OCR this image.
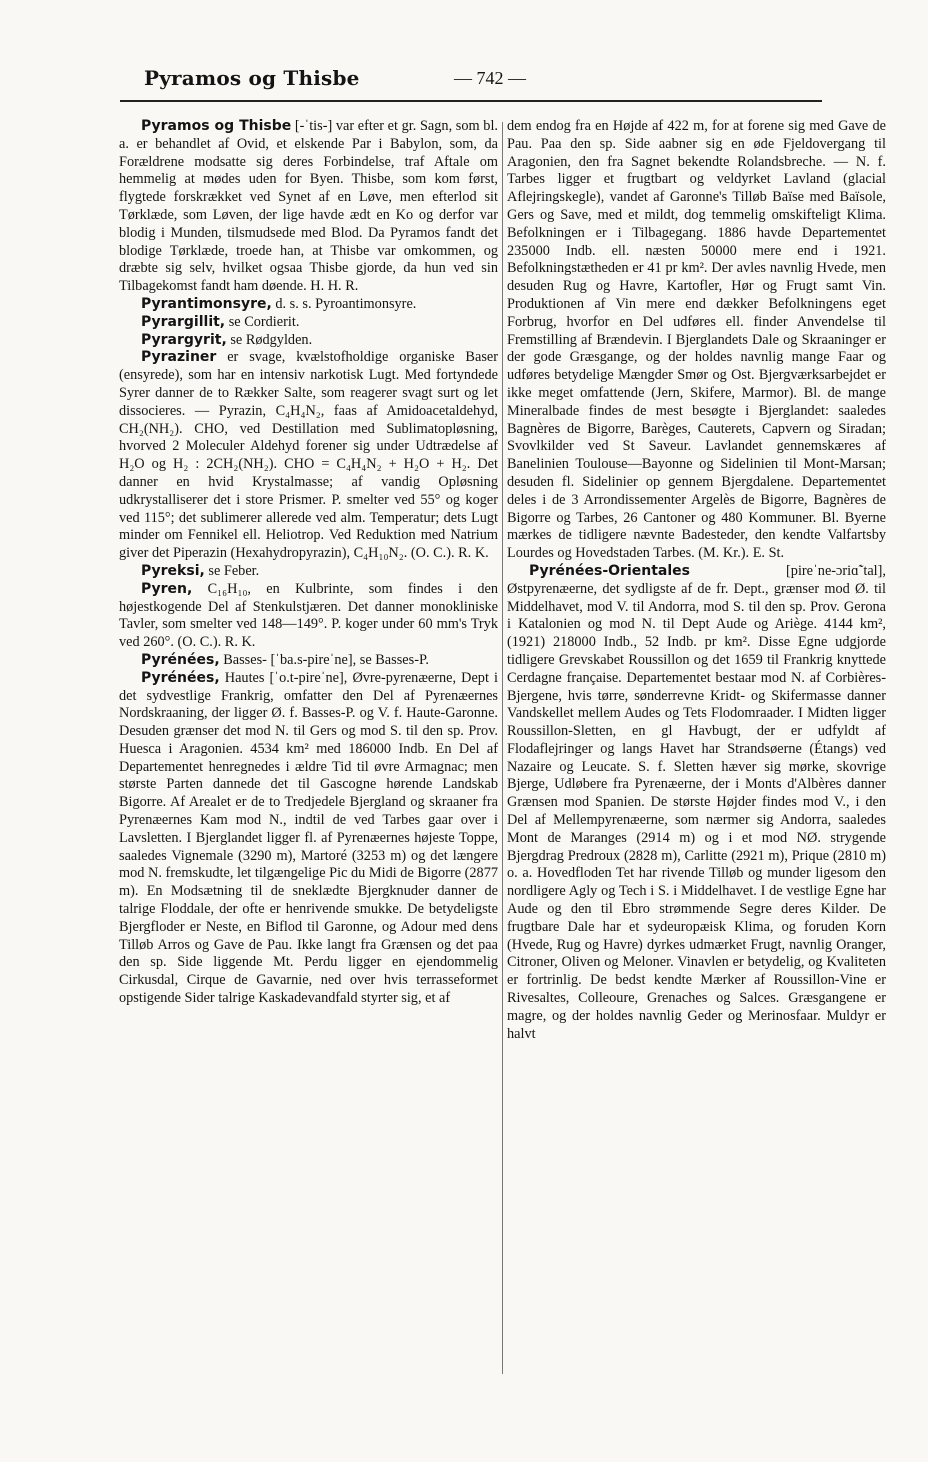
Pyramos og Thisbe	— 742 —

Pyramos og Thisbe [-ˈtis-] var efter et gr. Sagn, som bl. a. er behandlet af Ovid, et elskende Par i Babylon, som, da Forældrene modsatte sig deres Forbindelse, traf Aftale om hemmelig at mødes uden for Byen. Thisbe, som kom først, flygtede forskrækket ved Synet af en Løve, men efterlod sit Tørklæde, som Løven, der lige havde ædt en Ko og derfor var blodig i Munden, tilsmudsede med Blod. Da Pyramos fandt det blodige Tørklæde, troede han, at Thisbe var omkommen, og dræbte sig selv, hvilket ogsaa Thisbe gjorde, da hun ved sin Tilbagekomst fandt ham døende. H. H. R.

Pyrantimonsyre, d. s. s. Pyroantimonsyre.

Pyrargillit, se Cordierit.

Pyrargyrit, se Rødgylden.

Pyraziner er svage, kvælstofholdige organiske Baser (ensyrede), som har en intensiv narkotisk Lugt. Med fortyndede Syrer danner de to Rækker Salte, som reagerer svagt surt og let dissocieres. — Pyrazin, C₄H₄N₂, faas af Amidoacetaldehyd, CH₂(NH₂). CHO, ved Destillation med Sublimatopløsning, hvorved 2 Moleculer Aldehyd forener sig under Udtrædelse af H₂O og H₂ : 2CH₂(NH₂). CHO = C₄H₄N₂ + H₂O + H₂. Det danner en hvid Krystalmasse; af vandig Opløsning udkrystalliserer det i store Prismer. P. smelter ved 55° og koger ved 115°; det sublimerer allerede ved alm. Temperatur; dets Lugt minder om Fennikel ell. Heliotrop. Ved Reduktion med Natrium giver det Piperazin (Hexahydropyrazin), C₄H₁₀N₂. (O. C.). R. K.

Pyreksi, se Feber.

Pyren, C₁₆H₁₀, en Kulbrinte, som findes i den højestkogende Del af Stenkulstjæren. Det danner monokliniske Tavler, som smelter ved 148—149°. P. koger under 60 mm's Tryk ved 260°. (O. C.). R. K.

Pyrénées, Basses- [ˈba.s-pireˈne], se Basses-P.

Pyrénées, Hautes [ˈo.t-pireˈne], Øvre-pyrenæerne, Dept i det sydvestlige Frankrig, omfatter den Del af Pyrenæernes Nordskraaning, der ligger Ø. f. Basses-P. og V. f. Haute-Garonne. Desuden grænser det mod N. til Gers og mod S. til den sp. Prov. Huesca i Aragonien. 4534 km² med 186000 Indb. En Del af Departementet henregnedes i ældre Tid til øvre Armagnac; men største Parten dannede det til Gascogne hørende Landskab Bigorre. Af Arealet er de to Tredjedele Bjergland og skraaner fra Pyrenæernes Kam mod N., indtil de ved Tarbes gaar over i Lavsletten. I Bjerglandet ligger fl. af Pyrenæernes højeste Toppe, saaledes Vignemale (3290 m), Martoré (3253 m) og det længere mod N. fremskudte, let tilgængelige Pic du Midi de Bigorre (2877 m). En Modsætning til de sneklædte Bjergknuder danner de talrige Floddale, der ofte er henrivende smukke. De betydeligste Bjergfloder er Neste, en Biflod til Garonne, og Adour med dens Tilløb Arros og Gave de Pau. Ikke langt fra Grænsen og det paa den sp. Side liggende Mt. Perdu ligger en ejendommelig Cirkusdal, Cirque de Gavarnie, ned over hvis terrasseformet opstigende Sider talrige Kaskadevandfald styrter sig, et af

dem endog fra en Højde af 422 m, for at forene sig med Gave de Pau. Paa den sp. Side aabner sig en øde Fjeldovergang til Aragonien, den fra Sagnet bekendte Rolandsbreche. — N. f. Tarbes ligger et frugtbart og veldyrket Lavland (glacial Aflejringskegle), vandet af Garonne's Tilløb Baïse med Baïsole, Gers og Save, med et mildt, dog temmelig omskifteligt Klima. Befolkningen er i Tilbagegang. 1886 havde Departementet 235000 Indb. ell. næsten 50000 mere end i 1921. Befolkningstætheden er 41 pr km². Der avles navnlig Hvede, men desuden Rug og Havre, Kartofler, Hør og Frugt samt Vin. Produktionen af Vin mere end dækker Befolkningens eget Forbrug, hvorfor en Del udføres ell. finder Anvendelse til Fremstilling af Brændevin. I Bjerglandets Dale og Skraaninger er der gode Græsgange, og der holdes navnlig mange Faar og udføres betydelige Mængder Smør og Ost. Bjergværksarbejdet er ikke meget omfattende (Jern, Skifere, Marmor). Bl. de mange Mineralbade findes de mest besøgte i Bjerglandet: saaledes Bagnères de Bigorre, Barèges, Cauterets, Capvern og Siradan; Svovlkilder ved St Saveur. Lavlandet gennemskæres af Banelinien Toulouse—Bayonne og Sidelinien til Mont-Marsan; desuden fl. Sidelinier op gennem Bjergdalene. Departementet deles i de 3 Arrondissementer Argelès de Bigorre, Bagnères de Bigorre og Tarbes, 26 Cantoner og 480 Kommuner. Bl. Byerne mærkes de tidligere nævnte Badesteder, den kendte Valfartsby Lourdes og Hovedstaden Tarbes. (M. Kr.). E. St.

Pyrénées-Orientales [pireˈne-ɔriɑ̃ˈtal], Østpyrenæerne, det sydligste af de fr. Dept., grænser mod Ø. til Middelhavet, mod V. til Andorra, mod S. til den sp. Prov. Gerona i Katalonien og mod N. til Dept Aude og Ariège. 4144 km², (1921) 218000 Indb., 52 Indb. pr km². Disse Egne udgjorde tidligere Grevskabet Roussillon og det 1659 til Frankrig knyttede Cerdagne française. Departementet bestaar mod N. af Corbières-Bjergene, hvis tørre, sønderrevne Kridt- og Skifermasse danner Vandskellet mellem Audes og Tets Flodomraader. I Midten ligger Roussillon-Sletten, en gl Havbugt, der er udfyldt af Flodaflejringer og langs Havet har Strandsøerne (Étangs) ved Nazaire og Leucate. S. f. Sletten hæver sig mørke, skovrige Bjerge, Udløbere fra Pyrenæerne, der i Monts d'Albères danner Grænsen mod Spanien. De største Højder findes mod V., i den Del af Mellempyrenæerne, som nærmer sig Andorra, saaledes Mont de Maranges (2914 m) og i et mod NØ. strygende Bjergdrag Predroux (2828 m), Carlitte (2921 m), Prique (2810 m) o. a. Hovedfloden Tet har rivende Tilløb og munder ligesom den nordligere Agly og Tech i S. i Middelhavet. I de vestlige Egne har Aude og den til Ebro strømmende Segre deres Kilder. De frugtbare Dale har et sydeuropæisk Klima, og foruden Korn (Hvede, Rug og Havre) dyrkes udmærket Frugt, navnlig Oranger, Citroner, Oliven og Meloner. Vinavlen er betydelig, og Kvaliteten er fortrinlig. De bedst kendte Mærker af Roussillon-Vine er Rivesaltes, Colleoure, Grenaches og Salces. Græsgangene er magre, og der holdes navnlig Geder og Merinosfaar. Muldyr er halvt
